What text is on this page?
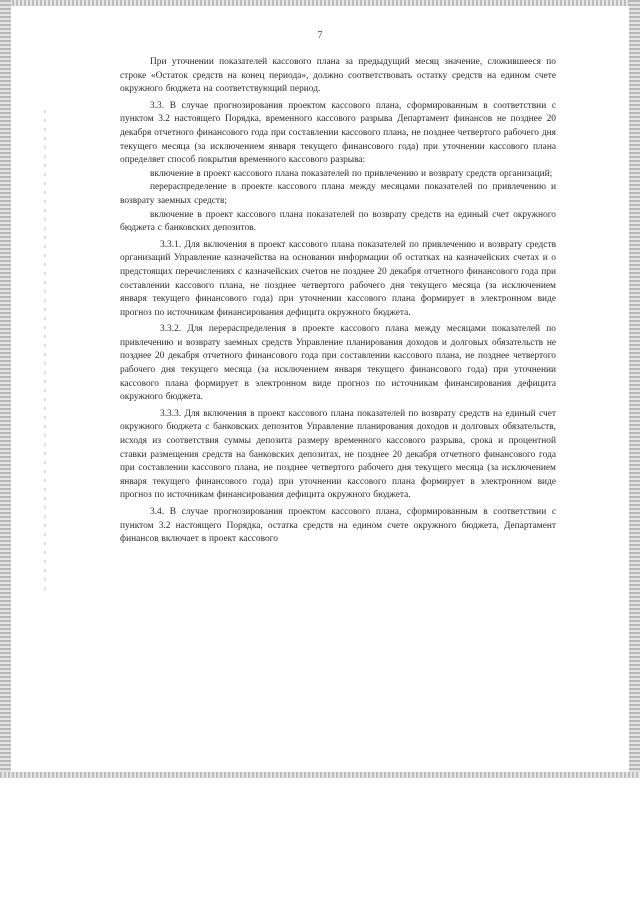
7

При уточнении показателей кассового плана за предыдущий месяц значение, сложившееся по строке «Остаток средств на конец периода», должно соответствовать остатку средств на едином счете окружного бюджета на соответствующий период.

3.3. В случае прогнозирования проектом кассового плана, сформированным в соответствии с пунктом 3.2 настоящего Порядка, временного кассового разрыва Департамент финансов не позднее 20 декабря отчетного финансового года при составлении кассового плана, не позднее четвертого рабочего дня текущего месяца (за исключением января текущего финансового года) при уточнении кассового плана определяет способ покрытия временного кассового разрыва:

включение в проект кассового плана показателей по привлечению и возврату средств организаций;

перераспределение в проекте кассового плана между месяцами показателей по привлечению и возврату заемных средств;

включение в проект кассового плана показателей по возврату средств на единый счет окружного бюджета с банковских депозитов.

3.3.1. Для включения в проект кассового плана показателей по привлечению и возврату средств организаций Управление казначейства на основании информации об остатках на казначейских счетах и о предстоящих перечислениях с казначейских счетов не позднее 20 декабря отчетного финансового года при составлении кассового плана, не позднее четвертого рабочего дня текущего месяца (за исключением января текущего финансового года) при уточнении кассового плана формирует в электронном виде прогноз по источникам финансирования дефицита окружного бюджета.

3.3.2. Для перераспределения в проекте кассового плана между месяцами показателей по привлечению и возврату заемных средств Управление планирования доходов и долговых обязательств не позднее 20 декабря отчетного финансового года при составлении кассового плана, не позднее четвертого рабочего дня текущего месяца (за исключением января текущего финансового года) при уточнении кассового плана формирует в электронном виде прогноз по источникам финансирования дефицита окружного бюджета.

3.3.3. Для включения в проект кассового плана показателей по возврату средств на единый счет окружного бюджета с банковских депозитов Управление планирования доходов и долговых обязательств, исходя из соответствия суммы депозита размеру временного кассового разрыва, срока и процентной ставки размещения средств на банковских депозитах, не позднее 20 декабря отчетного финансового года при составлении кассового плана, не позднее четвертого рабочего дня текущего месяца (за исключением января текущего финансового года) при уточнении кассового плана формирует в электронном виде прогноз по источникам финансирования дефицита окружного бюджета.

3.4. В случае прогнозирования проектом кассового плана, сформированным в соответствии с пунктом 3.2 настоящего Порядка, остатка средств на едином счете окружного бюджета, Департамент финансов включает в проект кассового
